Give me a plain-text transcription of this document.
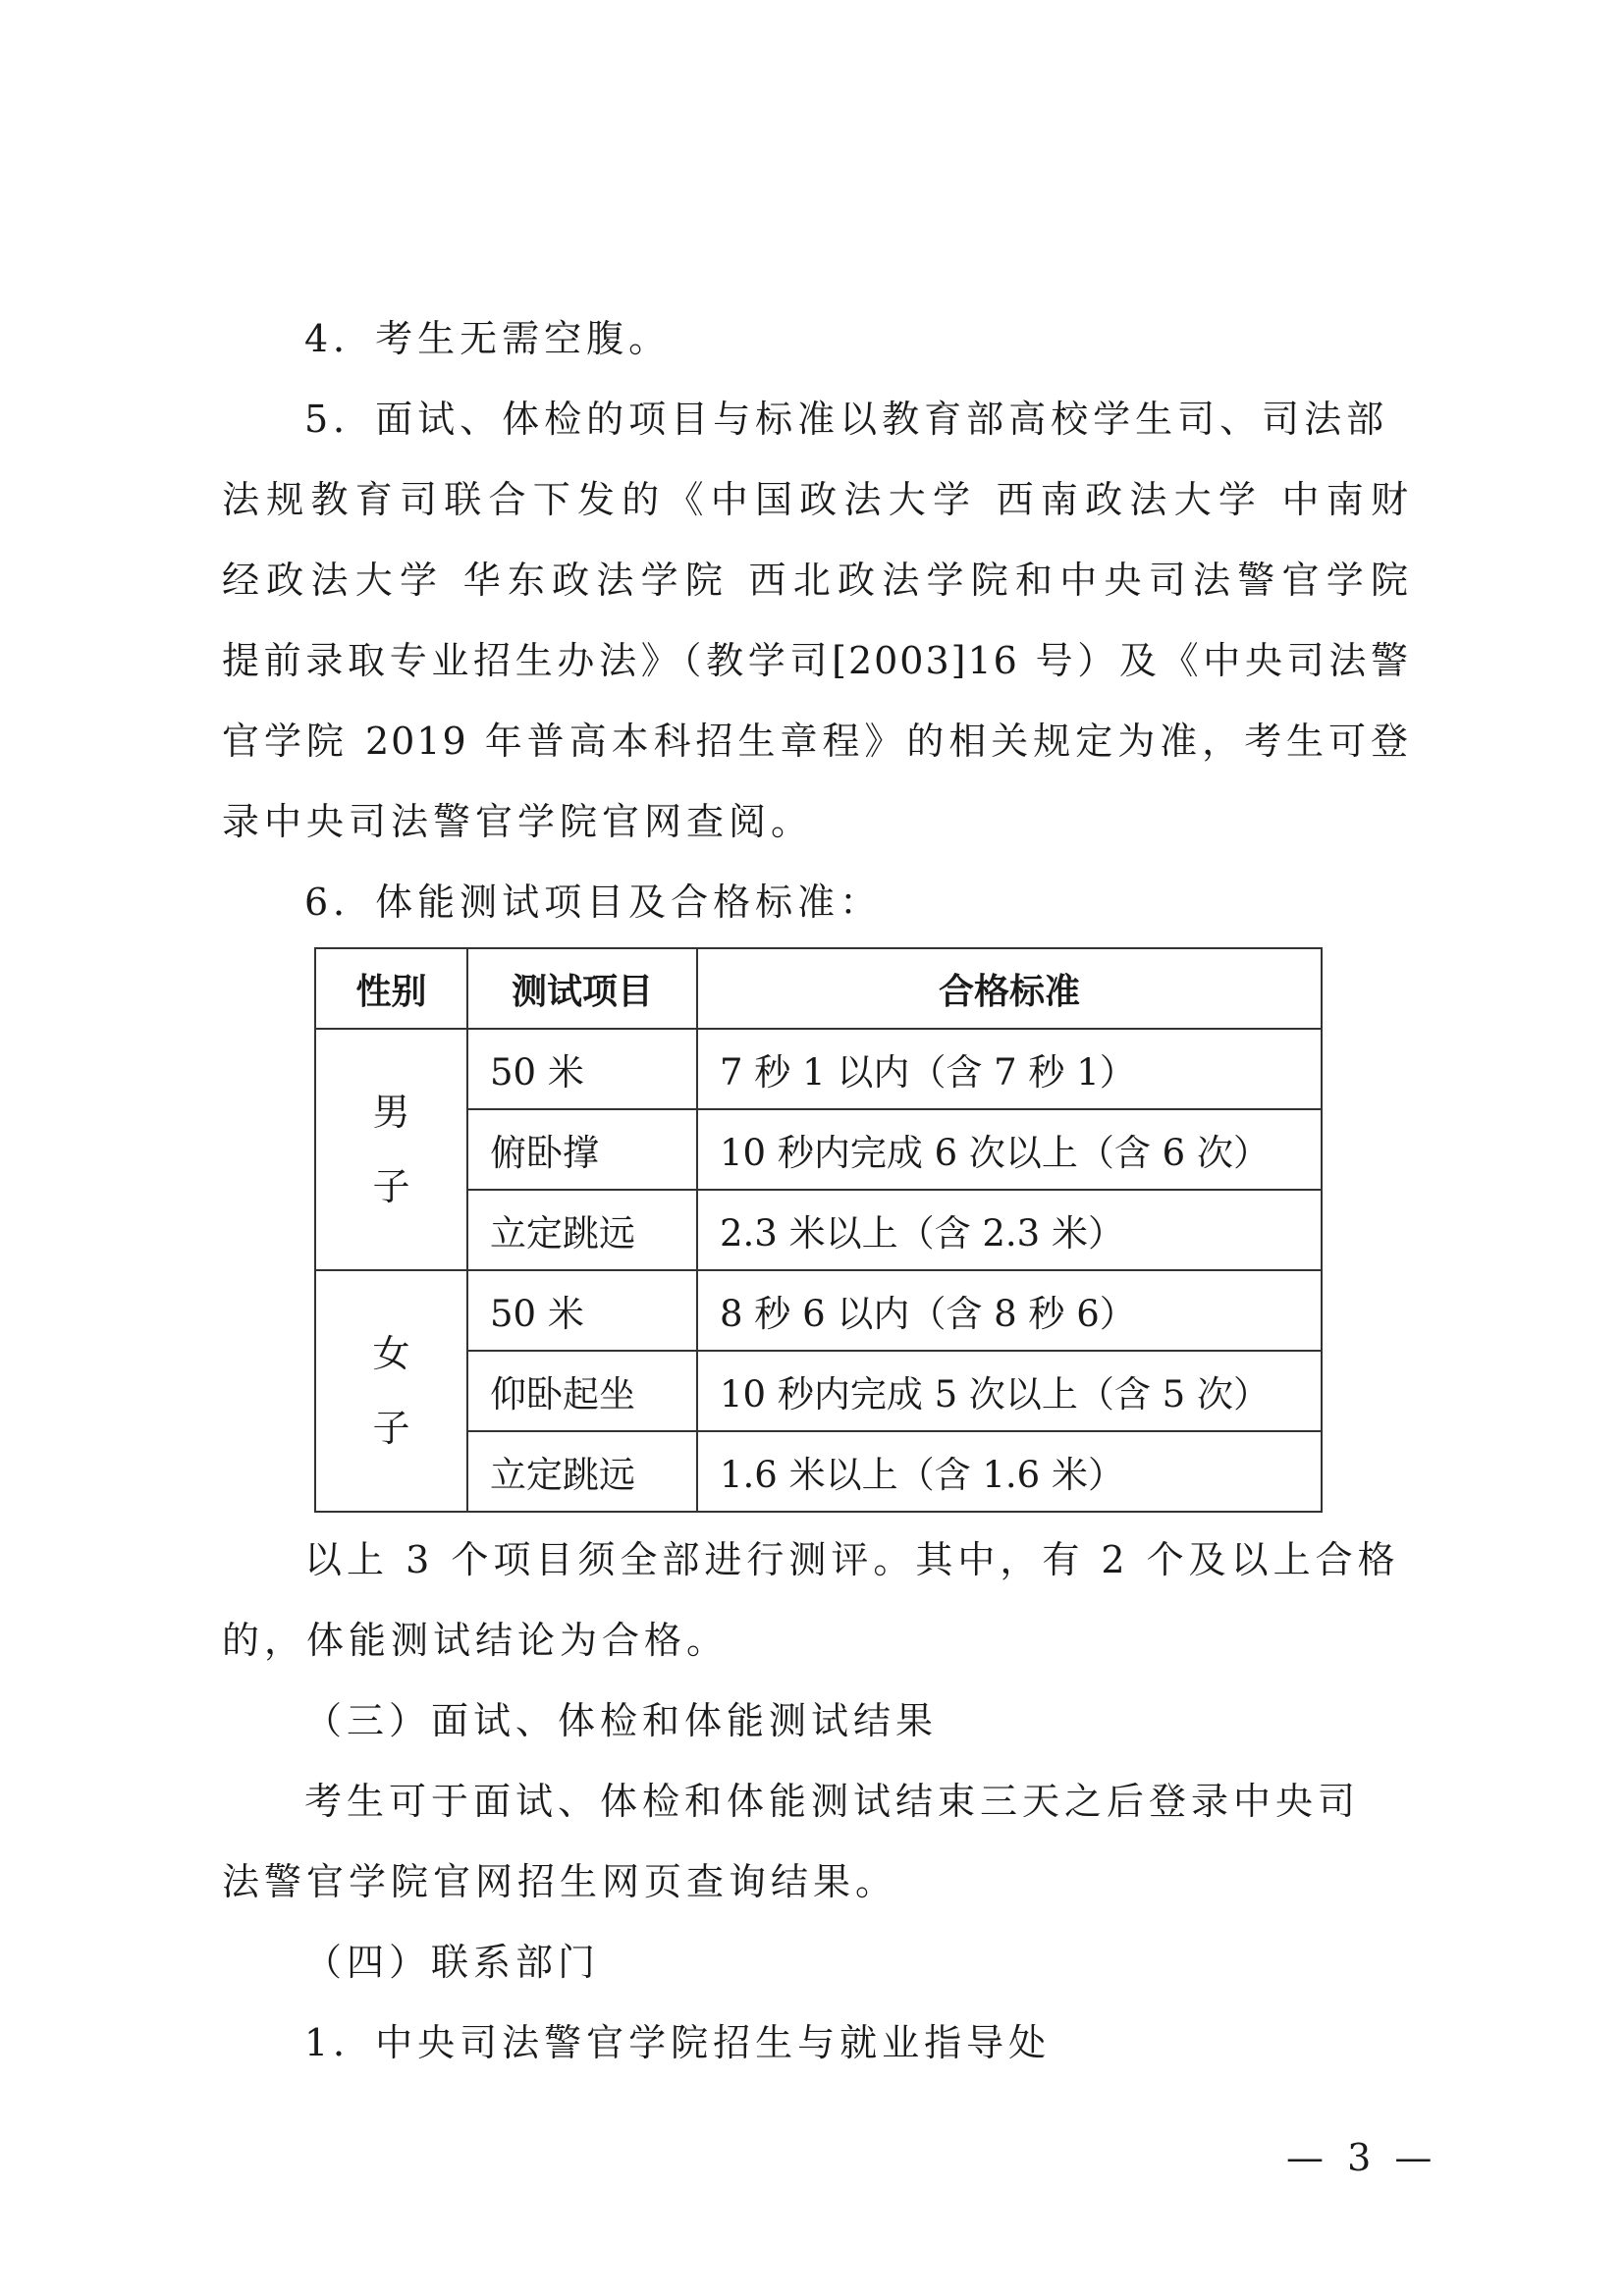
4．考生无需空腹。

5．面试、体检的项目与标准以教育部高校学生司、司法部

法规教育司联合下发的《中国政法大学 西南政法大学 中南财

经政法大学 华东政法学院 西北政法学院和中央司法警官学院

提前录取专业招生办法》（教学司[2003]16 号）及《中央司法警

官学院 2019 年普高本科招生章程》的相关规定为准，考生可登

录中央司法警官学院官网查阅。

6．体能测试项目及合格标准：

性别	测试项目	合格标准
男
子	50 米	7 秒 1 以内（含 7 秒 1）
	俯卧撑	10 秒内完成 6 次以上（含 6 次）
	立定跳远	2.3 米以上（含 2.3 米）
女
子	50 米	8 秒 6 以内（含 8 秒 6）
	仰卧起坐	10 秒内完成 5 次以上（含 5 次）
	立定跳远	1.6 米以上（含 1.6 米）

以上 3 个项目须全部进行测评。其中，有 2 个及以上合格

的，体能测试结论为合格。

（三）面试、体检和体能测试结果

考生可于面试、体检和体能测试结束三天之后登录中央司

法警官学院官网招生网页查询结果。

（四）联系部门

1．中央司法警官学院招生与就业指导处

— 3 —
